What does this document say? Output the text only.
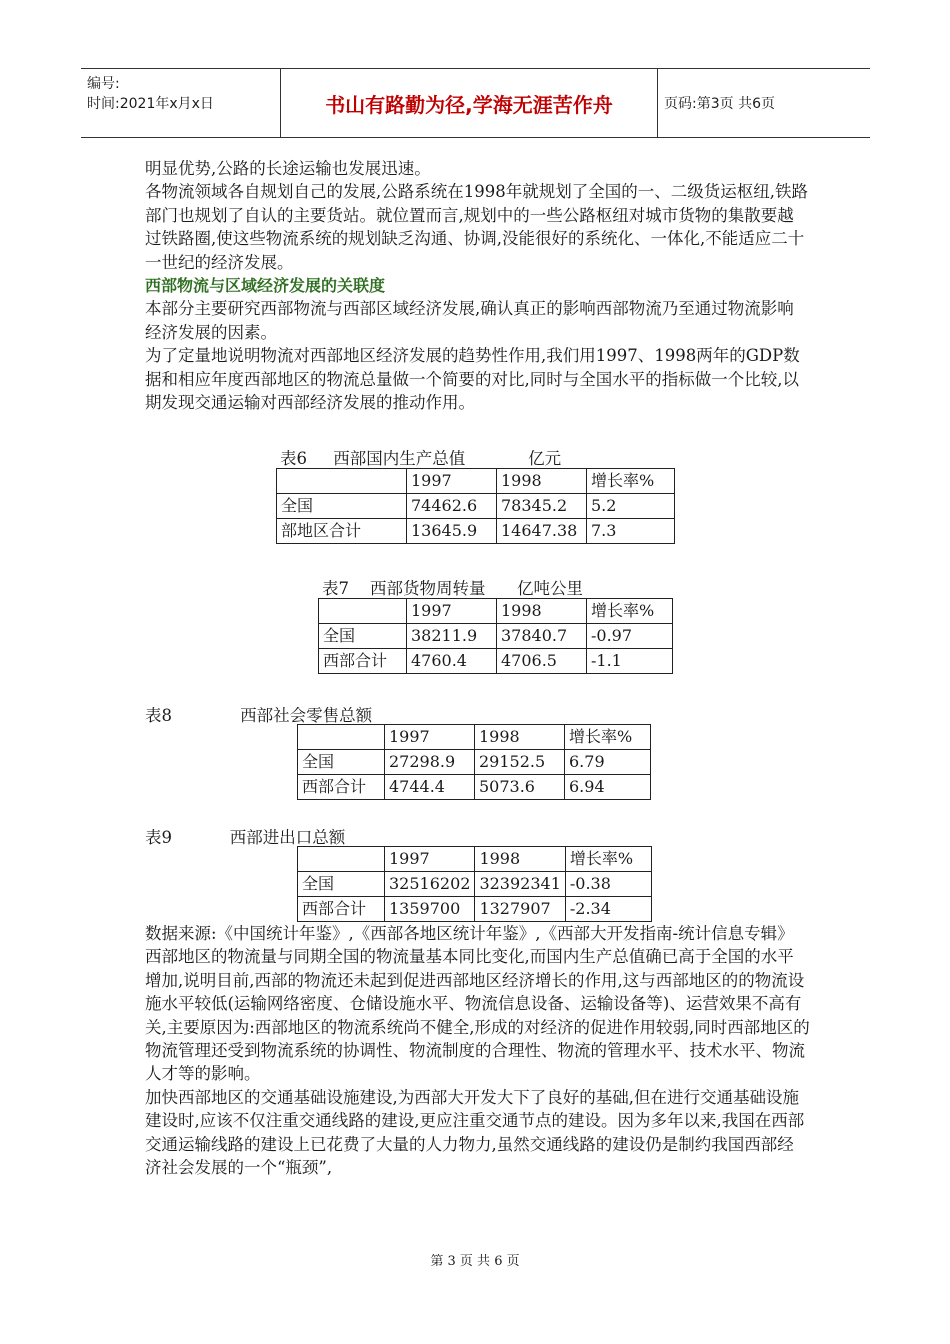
编号:
时间:2021年x月x日	书山有路勤为径,学海无涯苦作舟	页码:第3页 共6页

明显优势,公路的长途运输也发展迅速。

各物流领域各自规划自己的发展,公路系统在1998年就规划了全国的一、二级货运枢纽,铁路部门也规划了自认的主要货站。就位置而言,规划中的一些公路枢纽对城市货物的集散要越过铁路圈,使这些物流系统的规划缺乏沟通、协调,没能很好的系统化、一体化,不能适应二十一世纪的经济发展。

西部物流与区域经济发展的关联度

本部分主要研究西部物流与西部区域经济发展,确认真正的影响西部物流乃至通过物流影响经济发展的因素。

为了定量地说明物流对西部地区经济发展的趋势性作用,我们用1997、1998两年的GDP数据和相应年度西部地区的物流总量做一个简要的对比,同时与全国水平的指标做一个比较,以期发现交通运输对西部经济发展的推动作用。

表6     西部国内生产总值            亿元
	1997	1998	增长率%
全国	74462.6	78345.2	5.2
部地区合计	13645.9	14647.38	7.3
表7    西部货物周转量      亿吨公里
	1997	1998	增长率%
全国	38211.9	37840.7	-0.97
西部合计	4760.4	4706.5	-1.1
表8             西部社会零售总额
	1997	1998	增长率%
全国	27298.9	29152.5	6.79
西部合计	4744.4	5073.6	6.94
表9           西部进出口总额
	1997	1998	增长率%
全国	32516202	32392341	-0.38
西部合计	1359700	1327907	-2.34

数据来源:《中国统计年鉴》,《西部各地区统计年鉴》,《西部大开发指南-统计信息专辑》

西部地区的物流量与同期全国的物流量基本同比变化,而国内生产总值确已高于全国的水平增加,说明目前,西部的物流还未起到促进西部地区经济增长的作用,这与西部地区的的物流设施水平较低(运输网络密度、仓储设施水平、物流信息设备、运输设备等)、运营效果不高有关,主要原因为:西部地区的物流系统尚不健全,形成的对经济的促进作用较弱,同时西部地区的物流管理还受到物流系统的协调性、物流制度的合理性、物流的管理水平、技术水平、物流人才等的影响。

加快西部地区的交通基础设施建设,为西部大开发大下了良好的基础,但在进行交通基础设施建设时,应该不仅注重交通线路的建设,更应注重交通节点的建设。因为多年以来,我国在西部交通运输线路的建设上已花费了大量的人力物力,虽然交通线路的建设仍是制约我国西部经济社会发展的一个“瓶颈”,

第 3 页 共 6 页
